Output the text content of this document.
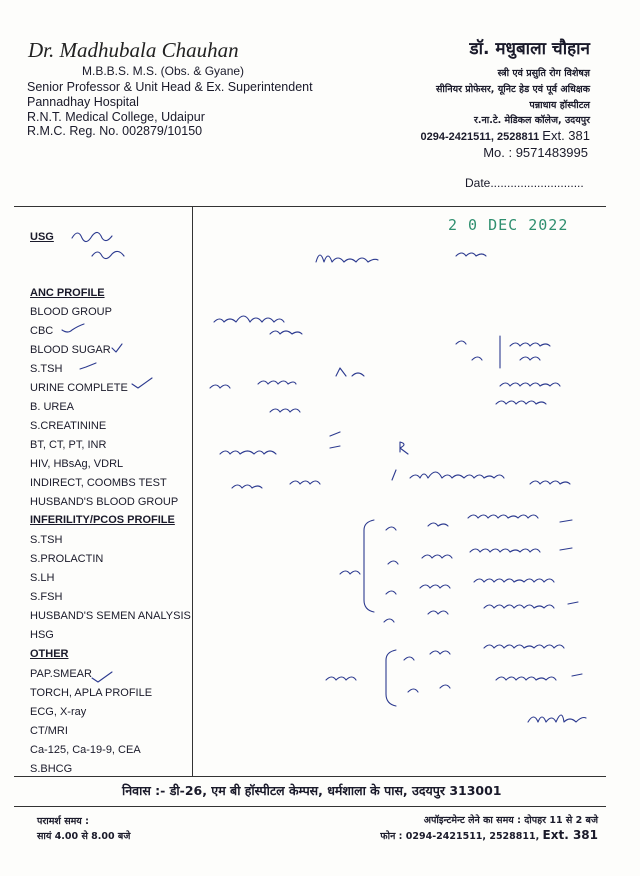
Dr. Madhubala Chauhan
M.B.B.S. M.S. (Obs. & Gyane)
Senior Professor & Unit Head & Ex. Superintendent
Pannadhay Hospital
R.N.T. Medical College, Udaipur
R.M.C. Reg. No. 002879/10150
डॉ. मधुबाला चौहान
स्त्री एवं प्रसुति रोग विशेषज्ञ
सीनियर प्रोफेसर, यूनिट हेड एवं पूर्व अधिक्षक
पन्नाधाय हॉस्पीटल
र.ना.टे. मेडिकल कॉलेज, उदयपुर
0294-2421511, 2528811 Ext. 381
Mo. : 9571483995
Date............................
2 0 DEC 2022
USG
ANC PROFILE
BLOOD GROUP
CBC
BLOOD SUGAR
S.TSH
URINE COMPLETE
B. UREA
S.CREATININE
BT, CT, PT, INR
HIV, HBsAg, VDRL
INDIRECT, COOMBS TEST
HUSBAND'S BLOOD GROUP
INFERILITY/PCOS PROFILE
S.TSH
S.PROLACTIN
S.LH
S.FSH
HUSBAND'S SEMEN ANALYSIS
HSG
OTHER
PAP.SMEAR
TORCH, APLA PROFILE
ECG, X-ray
CT/MRI
Ca-125, Ca-19-9, CEA
S.BHCG
निवास :- डी-26, एम बी हॉस्पीटल केम्पस, धर्मशाला के पास, उदयपुर 313001
परामर्श समय :
सायं 4.00 से 8.00 बजे
अपॉइन्टमेन्ट लेने का समय : दोपहर 11 से 2 बजे
फोन : 0294-2421511, 2528811, Ext. 381
